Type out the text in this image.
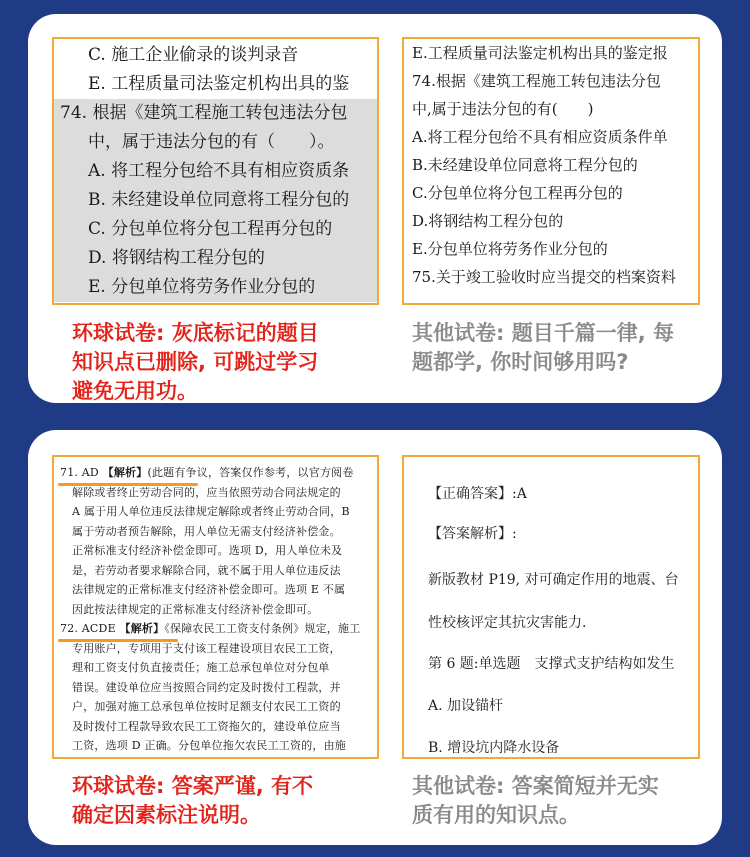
C. 施工企业偷录的谈判录音
E. 工程质量司法鉴定机构出具的鉴
74. 根据《建筑工程施工转包违法分包
中，属于违法分包的有（　　）。
A. 将工程分包给不具有相应资质条
B. 未经建设单位同意将工程分包的
C. 分包单位将分包工程再分包的
D. 将钢结构工程分包的
E. 分包单位将劳务作业分包的
E.工程质量司法鉴定机构出具的鉴定报
74.根据《建筑工程施工转包违法分包
中,属于违法分包的有(　　)
A.将工程分包给不具有相应资质条件单
B.未经建设单位同意将工程分包的
C.分包单位将分包工程再分包的
D.将钢结构工程分包的
E.分包单位将劳务作业分包的
75.关于竣工验收时应当提交的档案资料
环球试卷: 灰底标记的题目
知识点已删除, 可跳过学习
避免无用功。
其他试卷: 题目千篇一律, 每
题都学, 你时间够用吗?
71. AD 【解析】(此题有争议，答案仅作参考，以官方阅卷
解除或者终止劳动合同的，应当依照劳动合同法规定的
A 属于用人单位违反法律规定解除或者终止劳动合同，B
属于劳动者预告解除，用人单位无需支付经济补偿金。
正常标准支付经济补偿金即可。选项 D，用人单位未及
是，若劳动者要求解除合同，就不属于用人单位违反法
法律规定的正常标准支付经济补偿金即可。选项 E 不属
因此按法律规定的正常标准支付经济补偿金即可。
72. ACDE 【解析】《保障农民工工资支付条例》规定，施工
专用账户，专项用于支付该工程建设项目农民工工资，
理和工资支付负直接责任；施工总承包单位对分包单
错误。建设单位应当按照合同约定及时拨付工程款，并
户，加强对施工总承包单位按时足额支付农民工工资的
及时拨付工程款导致农民工工资拖欠的，建设单位应当
工资，选项 D 正确。分包单位拖欠农民工工资的，由施
【正确答案】:A
【答案解析】:
新版教材 P19, 对可确定作用的地震、台
性校核评定其抗灾害能力.
第 6 题:单选题　支撑式支护结构如发生
A. 加设锚杆
B. 增设坑内降水设备
环球试卷: 答案严谨, 有不
确定因素标注说明。
其他试卷: 答案简短并无实
质有用的知识点。
